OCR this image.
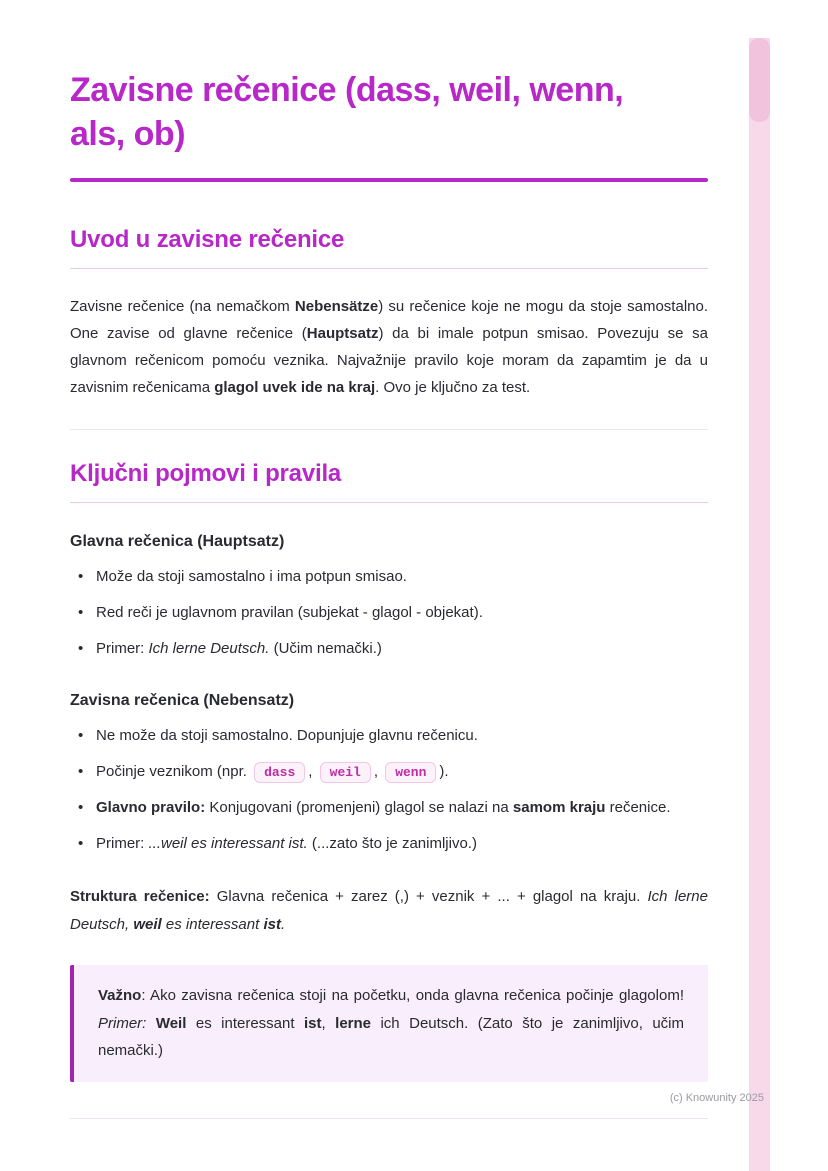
Zavisne rečenice (dass, weil, wenn, als, ob)
Uvod u zavisne rečenice

Zavisne rečenice (na nemačkom Nebensätze) su rečenice koje ne mogu da stoje samostalno. One zavise od glavne rečenice (Hauptsatz) da bi imale potpun smisao. Povezuju se sa glavnom rečenicom pomoću veznika. Najvažnije pravilo koje moram da zapamtim je da u zavisnim rečenicama glagol uvek ide na kraj. Ovo je ključno za test.

Ključni pojmovi i pravila
Glavna rečenica (Hauptsatz)
• Može da stoji samostalno i ima potpun smisao.
• Red reči je uglavnom pravilan (subjekat - glagol - objekat).
• Primer: Ich lerne Deutsch. (Učim nemački.)
Zavisna rečenica (Nebensatz)
• Ne može da stoji samostalno. Dopunjuje glavnu rečenicu.
• Počinje veznikom (npr. dass , weil , wenn ).
• Glavno pravilo: Konjugovani (promenjeni) glagol se nalazi na samom kraju rečenice.
• Primer: ...weil es interessant ist. (...zato što je zanimljivo.)

Struktura rečenice: Glavna rečenica + zarez (,) + veznik + ... + glagol na kraju. Ich lerne Deutsch, weil es interessant ist.

Važno: Ako zavisna rečenica stoji na početku, onda glavna rečenica počinje glagolom! Primer: Weil es interessant ist, lerne ich Deutsch. (Zato što je zanimljivo, učim nemački.)
(c) Knowunity 2025
